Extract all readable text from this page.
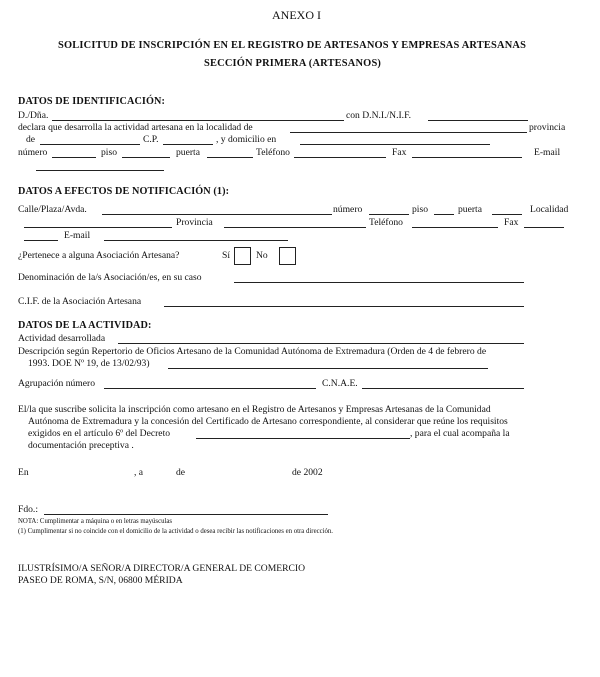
ANEXO I
SOLICITUD DE INSCRIPCIÓN EN EL REGISTRO DE ARTESANOS Y EMPRESAS ARTESANAS
SECCIÓN PRIMERA (ARTESANOS)
DATOS DE IDENTIFICACIÓN:
D./Dña.	con D.N.I./N.I.F.
declara que desarrolla la actividad artesana en la localidad de	provincia
de	C.P.	, y domicilio en
número	piso	puerta	Teléfono	Fax	E-mail
DATOS A EFECTOS DE NOTIFICACIÓN (1):
Calle/Plaza/Avda.	número	piso	puerta	Localidad
Provincia	Teléfono	Fax
E-mail
¿Pertenece a alguna Asociación Artesana?	Sí	No
Denominación de la/s Asociación/es, en su caso
C.I.F. de la Asociación Artesana
DATOS DE LA ACTIVIDAD:
Actividad desarrollada
Descripción según Repertorio de Oficios Artesano de la Comunidad Autónoma de Extremadura (Orden de 4 de febrero de
1993. DOE Nº 19, de 13/02/93)
Agrupación número	C.N.A.E.
El/la que suscribe solicita la inscripción como artesano en el Registro de Artesanos y Empresas Artesanas de la Comunidad
Autónoma de Extremadura y la concesión del Certificado de Artesano correspondiente, al considerar que reúne los requisitos
exigidos en el artículo 6º del Decreto	, para el cual acompaña la
documentación preceptiva .
En	, a	de	de 2002
Fdo.:
NOTA: Cumplimentar a máquina o en letras mayúsculas
(1) Cumplimentar si no coincide con el domicilio de la actividad o desea recibir las notificaciones en otra dirección.
ILUSTRÍSIMO/A SEÑOR/A DIRECTOR/A GENERAL DE COMERCIO
PASEO DE ROMA, S/N, 06800 MÉRIDA
